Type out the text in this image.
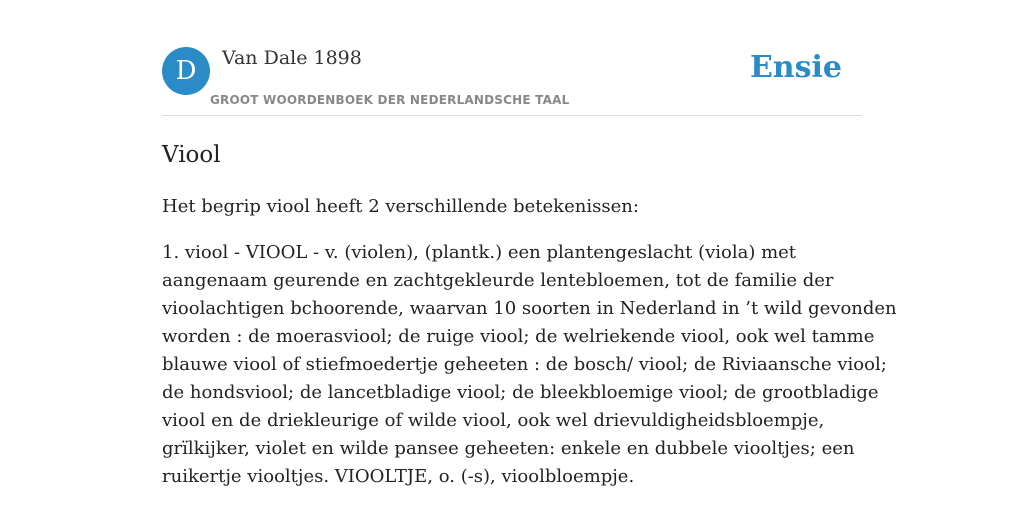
D	Van Dale 1898
GROOT WOORDENBOEK DER NEDERLANDSCHE TAAL
Ensie
Viool

Het begrip viool heeft 2 verschillende betekenissen:

1. viool - VIOOL - v. (violen), (plantk.) een plantengeslacht (viola) met
aangenaam geurende en zachtgekleurde lentebloemen, tot de familie der
vioolachtigen bchoorende, waarvan 10 soorten in Nederland in ’t wild gevonden
worden : de moerasviool; de ruige viool; de welriekende viool, ook wel tamme
blauwe viool of stiefmoedertje geheeten : de bosch/ viool; de Riviaansche viool;
de hondsviool; de lancetbladige viool; de bleekbloemige viool; de grootbladige
viool en de driekleurige of wilde viool, ook wel drievuldigheidsbloempje,
grïlkijker, violet en wilde pansee geheeten: enkele en dubbele viooltjes; een
ruikertje viooltjes. VIOOLTJE, o. (-s), vioolbloempje.
